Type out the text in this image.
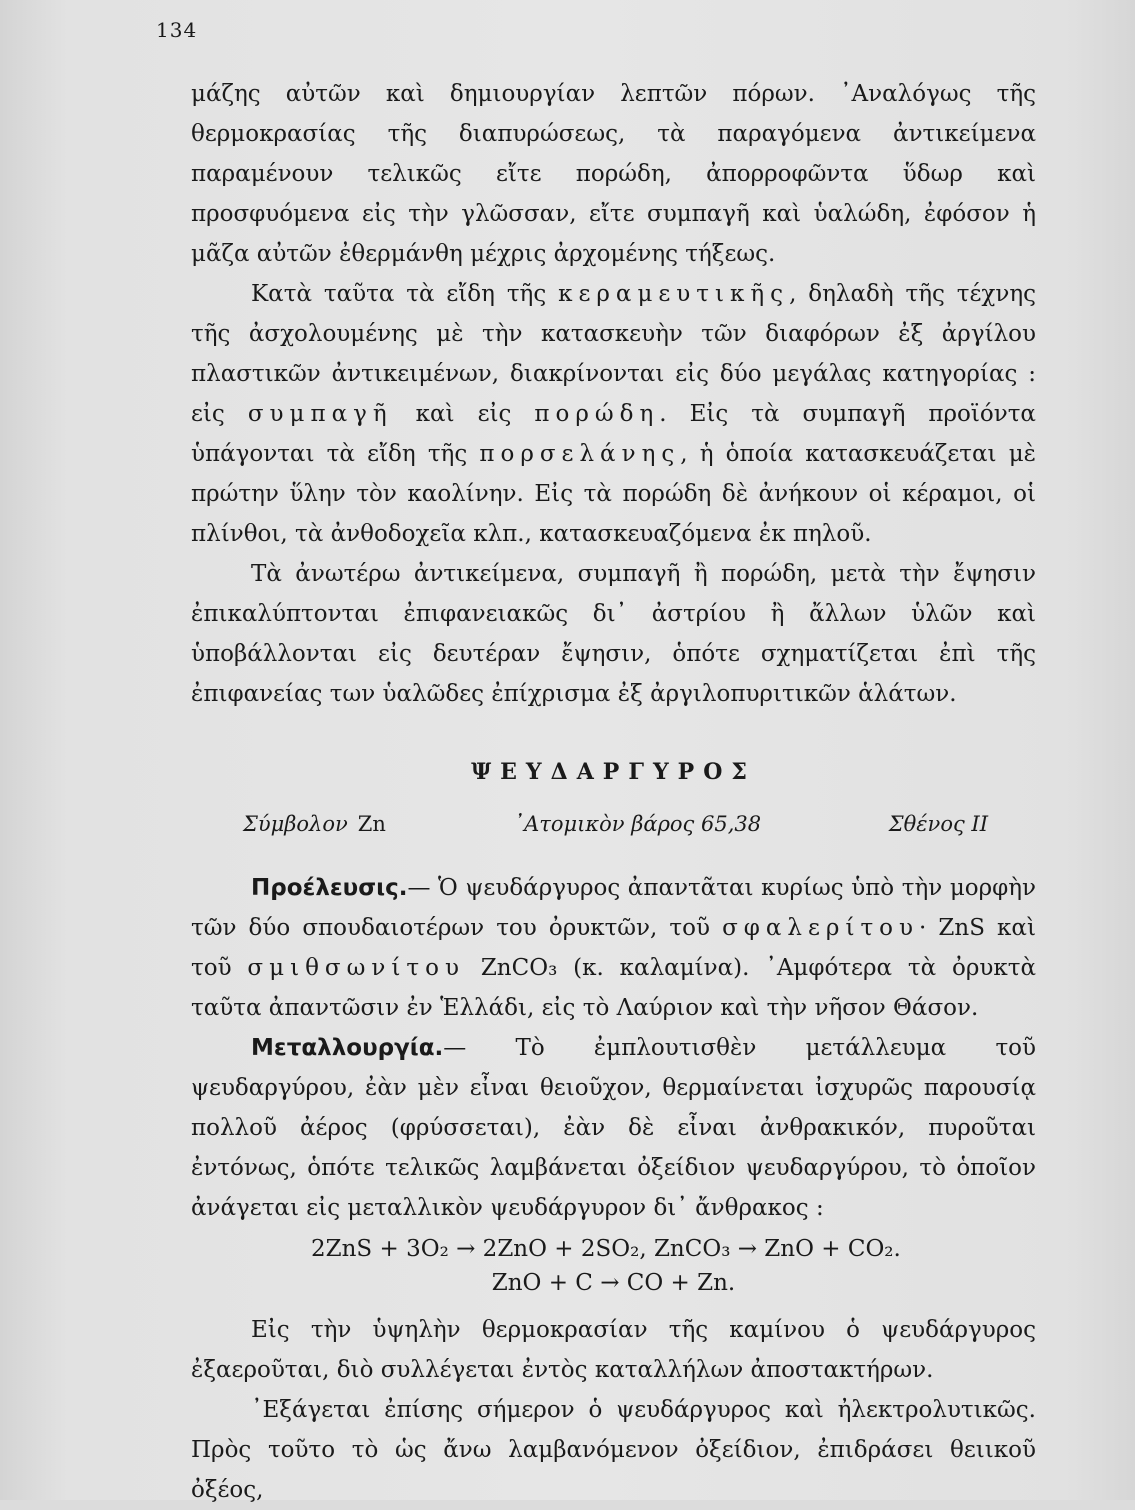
134

μάζης αὐτῶν καὶ δημιουργίαν λεπτῶν πόρων. ᾿Αναλόγως τῆς θερμοκρασίας τῆς διαπυρώσεως, τὰ παραγόμενα ἀντικείμενα παραμένουν τελικῶς εἴτε πορώδη, ἀπορροφῶντα ὕδωρ καὶ προσφυόμενα εἰς τὴν γλῶσσαν, εἴτε συμπαγῆ καὶ ὑαλώδη, ἐφόσον ἡ μᾶζα αὐτῶν ἐθερμάνθη μέχρις ἀρχομένης τήξεως.

Κατὰ ταῦτα τὰ εἴδη τῆς κεραμευτικῆς, δηλαδὴ τῆς τέχνης τῆς ἀσχολουμένης μὲ τὴν κατασκευὴν τῶν διαφόρων ἐξ ἀργίλου πλαστικῶν ἀντικειμένων, διακρίνονται εἰς δύο μεγάλας κατηγορίας : εἰς συμπαγῆ καὶ εἰς πορώδη. Εἰς τὰ συμπαγῆ προϊόντα ὑπάγονται τὰ εἴδη τῆς πορσελάνης, ἡ ὁποία κατασκευάζεται μὲ πρώτην ὕλην τὸν καολίνην. Εἰς τὰ πορώδη δὲ ἀνήκουν οἱ κέραμοι, οἱ πλίνθοι, τὰ ἀνθοδοχεῖα κλπ., κατασκευαζόμενα ἐκ πηλοῦ.

Τὰ ἀνωτέρω ἀντικείμενα, συμπαγῆ ἢ πορώδη, μετὰ τὴν ἔψησιν ἐπικαλύπτονται ἐπιφανειακῶς δι᾿ ἀστρίου ἢ ἄλλων ὑλῶν καὶ ὑποβάλλονται εἰς δευτέραν ἔψησιν, ὁπότε σχηματίζεται ἐπὶ τῆς ἐπιφανείας των ὑαλῶδες ἐπίχρισμα ἐξ ἀργιλοπυριτικῶν ἁλάτων.

ΨΕΥΔΑΡΓΥΡΟΣ
Σύμβολον Zn	᾿Ατομικὸν βάρος 65,38	Σθένος II

Προέλευσις.— Ὁ ψευδάργυρος ἀπαντᾶται κυρίως ὑπὸ τὴν μορφὴν τῶν δύο σπουδαιοτέρων του ὀρυκτῶν, τοῦ σφαλερίτου· ZnS καὶ τοῦ σμιθσωνίτου ZnCO₃ (κ. καλαμίνα). ᾿Αμφότερα τὰ ὀρυκτὰ ταῦτα ἀπαντῶσιν ἐν Ἑλλάδι, εἰς τὸ Λαύριον καὶ τὴν νῆσον Θάσον.

Μεταλλουργία.— Τὸ ἐμπλουτισθὲν μετάλλευμα τοῦ ψευδαργύρου, ἐὰν μὲν εἶναι θειοῦχον, θερμαίνεται ἰσχυρῶς παρουσίᾳ πολλοῦ ἀέρος (φρύσσεται), ἐὰν δὲ εἶναι ἀνθρακικόν, πυροῦται ἐντόνως, ὁπότε τελικῶς λαμβάνεται ὀξείδιον ψευδαργύρου, τὸ ὁποῖον ἀνάγεται εἰς μεταλλικὸν ψευδάργυρον δι᾿ ἄνθρακος :

2ZnS + 3O₂ → 2ZnO + 2SO₂, ZnCO₃ → ZnO + CO₂.
ZnO + C → CO + Zn.

Εἰς τὴν ὑψηλὴν θερμοκρασίαν τῆς καμίνου ὁ ψευδάργυρος ἐξαεροῦται, διὸ συλλέγεται ἐντὸς καταλλήλων ἀποστακτήρων.

᾿Εξάγεται ἐπίσης σήμερον ὁ ψευδάργυρος καὶ ἠλεκτρολυτικῶς. Πρὸς τοῦτο τὸ ὡς ἄνω λαμβανόμενον ὀξείδιον, ἐπιδράσει θειικοῦ ὀξέος,
